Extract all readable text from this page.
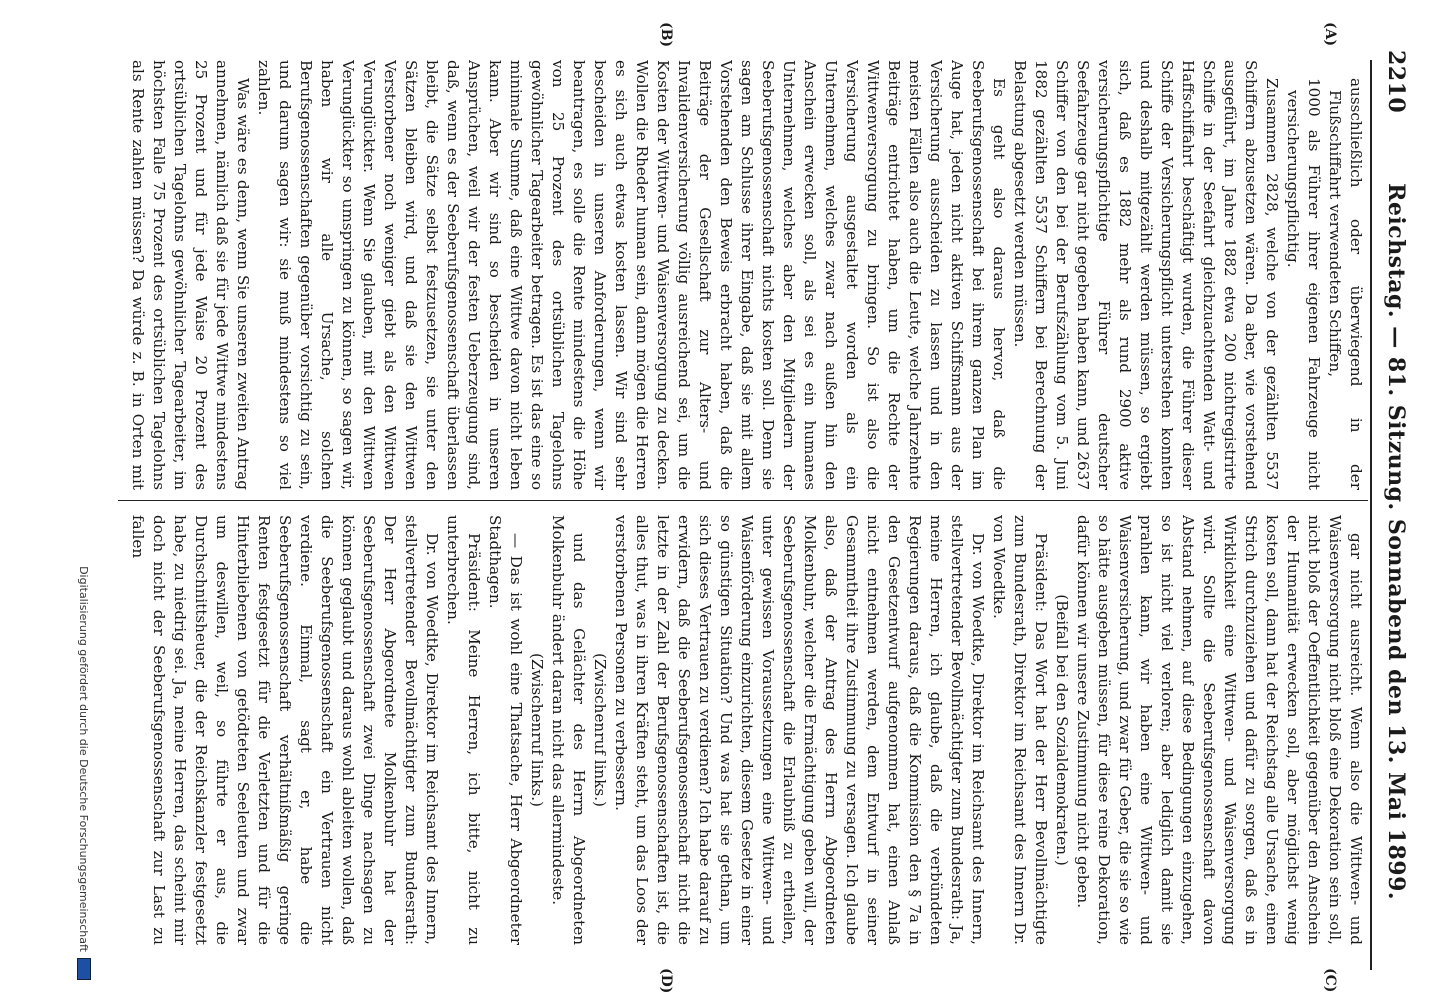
2210
Reichstag. — 81. Sitzung. Sonnabend den 13. Mai 1899.
(A)
(B)
(C)
(D)

ausschließlich oder überwiegend in der Flußschiffahrt verwendeten Schiffen,

1000 als Führer ihrer eigenen Fahrzeuge nicht versicherungspflichtig.

Zusammen 2828, welche von der gezählten 5537 Schiffern abzusetzen wären. Da aber, wie vorstehend ausgeführt, im Jahre 1882 etwa 200 nichtregistrirte Schiffe in der Seefahrt gleichzuachtenden Watt- und Haffschiffahrt beschäftigt wurden, die Führer dieser Schiffe der Versicherungspflicht unterstehen konnten und deshalb mitgezählt werden müssen, so ergiebt sich, daß es 1882 mehr als rund 2900 aktive versicherungspflichtige Führer deutscher Seefahrzeuge gar nicht gegeben haben kann, und 2637 Schiffer von den bei der Berufszählung vom 5. Juni 1882 gezählten 5537 Schiffern bei Berechnung der Belastung abgesetzt werden müssen.

Es geht also daraus hervor, daß die Seeberufsgenossenschaft bei ihrem ganzen Plan im Auge hat, jeden nicht aktiven Schiffsmann aus der Versicherung ausscheiden zu lassen und in den meisten Fällen also auch die Leute, welche Jahrzehnte Beiträge entrichtet haben, um die Rechte der Wittwenversorgung zu bringen. So ist also die Versicherung ausgestaltet worden als ein Unternehmen, welches zwar nach außen hin den Anschein erwecken soll, als sei es ein humanes Unternehmen, welches aber den Mitgliedern der Seeberufsgenossenschaft nichts kosten soll. Denn sie sagen am Schlusse ihrer Eingabe, daß sie mit allem Vorstehenden den Beweis erbracht haben, daß die Beiträge der Gesellschaft zur Alters- und Invalidenversicherung völlig ausreichend sei, um die Kosten der Wittwen- und Waisenversorgung zu decken. Wollen die Rheder human sein, dann mögen die Herren es sich auch etwas kosten lassen. Wir sind sehr bescheiden in unseren Anforderungen, wenn wir beantragen, es solle die Rente mindestens die Höhe von 25 Prozent des ortsüblichen Tagelohns gewöhnlicher Tagearbeiter betragen. Es ist das eine so minimale Summe, daß eine Wittwe davon nicht leben kann. Aber wir sind so bescheiden in unseren Ansprüchen, weil wir der festen Ueberzeugung sind, daß, wenn es der Seeberufsgenossenschaft überlassen bleibt, die Sätze selbst festzusetzen, sie unter den Sätzen bleiben wird, und daß sie den Wittwen Verstorbener noch weniger giebt als den Wittwen Verunglückter. Wenn Sie glauben, mit den Wittwen Verunglückter so umspringen zu können, so sagen wir, haben wir alle Ursache, solchen Berufsgenossenschaften gegenüber vorsichtig zu sein, und darum sagen wir: sie muß mindestens so viel zahlen.

Was wäre es denn, wenn Sie unseren zweiten Antrag annehmen, nämlich daß sie für jede Wittwe mindestens 25 Prozent und für jede Waise 20 Prozent des ortsüblichen Tagelohns gewöhnlicher Tagearbeiter, im höchsten Falle 75 Prozent des ortsüblichen Tagelohns als Rente zahlen müssen? Da würde z. B. in Orten mit

gar nicht ausreicht. Wenn also die Wittwen- und Waisenversorgung nicht bloß eine Dekoration sein soll, nicht bloß der Oeffentlichkeit gegenüber den Anschein der Humanität erwecken soll, aber möglichst wenig kosten soll, dann hat der Reichstag alle Ursache, einen Strich durchzuziehen und dafür zu sorgen, daß es in Wirklichkeit eine Wittwen- und Waisenversorgung wird. Sollte die Seeberufsgenossenschaft davon Abstand nehmen, auf diese Bedingungen einzugehen, so ist nicht viel verloren; aber lediglich damit sie prahlen kann, wir haben eine Wittwen- und Waisenversicherung, und zwar für Geber, die sie so wie so hätte ausgeben müssen, für diese reine Dekoration, dafür können wir unsere Zustimmung nicht geben.

(Beifall bei den Sozialdemokraten.)

Präsident: Das Wort hat der Herr Bevollmächtigte zum Bundesrath, Direktor im Reichsamt des Innern Dr. von Woedtke.

Dr. von Woedtke, Direktor im Reichsamt des Innern, stellvertretender Bevollmächtigter zum Bundesrath: Ja, meine Herren, ich glaube, daß die verbündeten Regierungen daraus, daß die Kommission den § 7a in den Gesetzentwurf aufgenommen hat, einen Anlaß nicht entnehmen werden, dem Entwurf in seiner Gesammtheit ihre Zustimmung zu versagen. Ich glaube also, daß der Antrag des Herrn Abgeordneten Molkenbuhr, welcher die Ermächtigung geben will, der Seeberufsgenossenschaft die Erlaubniß zu ertheilen, unter gewissen Voraussetzungen eine Wittwen- und Waisenförderung einzurichten, diesem Gesetze in einer so günstigen Situation? Und was hat sie gethan, um sich dieses Vertrauen zu verdienen? Ich habe darauf zu erwidern, daß die Seeberufsgenossenschaft nicht die letzte in der Zahl der Berufsgenossenschaften ist, die alles thut, was in ihren Kräften steht, um das Loos der verstorbenen Personen zu verbessern.

(Zwischenruf links.)

und das Gelächter des Herrn Abgeordneten Molkenbuhr ändert daran nicht das allermindeste.

(Zwischenruf links.)

— Das ist wohl eine Thatsache, Herr Abgeordneter Stadthagen.

Präsident: Meine Herren, ich bitte, nicht zu unterbrechen.

Dr. von Woedtke, Direktor im Reichsamt des Innern, stellvertretender Bevollmächtigter zum Bundesrath: Der Herr Abgeordnete Molkenbuhr hat der Seeberufsgenossenschaft zwei Dinge nachsagen zu können geglaubt und daraus wohl ableiten wollen, daß die Seeberufsgenossenschaft ein Vertrauen nicht verdiene. Einmal, sagt er, habe die Seeberufsgenossenschaft verhältnißmäßig geringe Renten festgesetzt für die Verletzten und für die Hinterbliebenen von getödteten Seeleuten und zwar um deswillen, weil, so führte er aus, die Durchschnittsheuer, die der Reichskanzler festgesetzt habe, zu niedrig sei. Ja, meine Herren, das scheint mir doch nicht der Seeberufsgenossenschaft zur Last zu fallen

Digitalisierung gefördert durch die Deutsche Forschungsgemeinschaft
